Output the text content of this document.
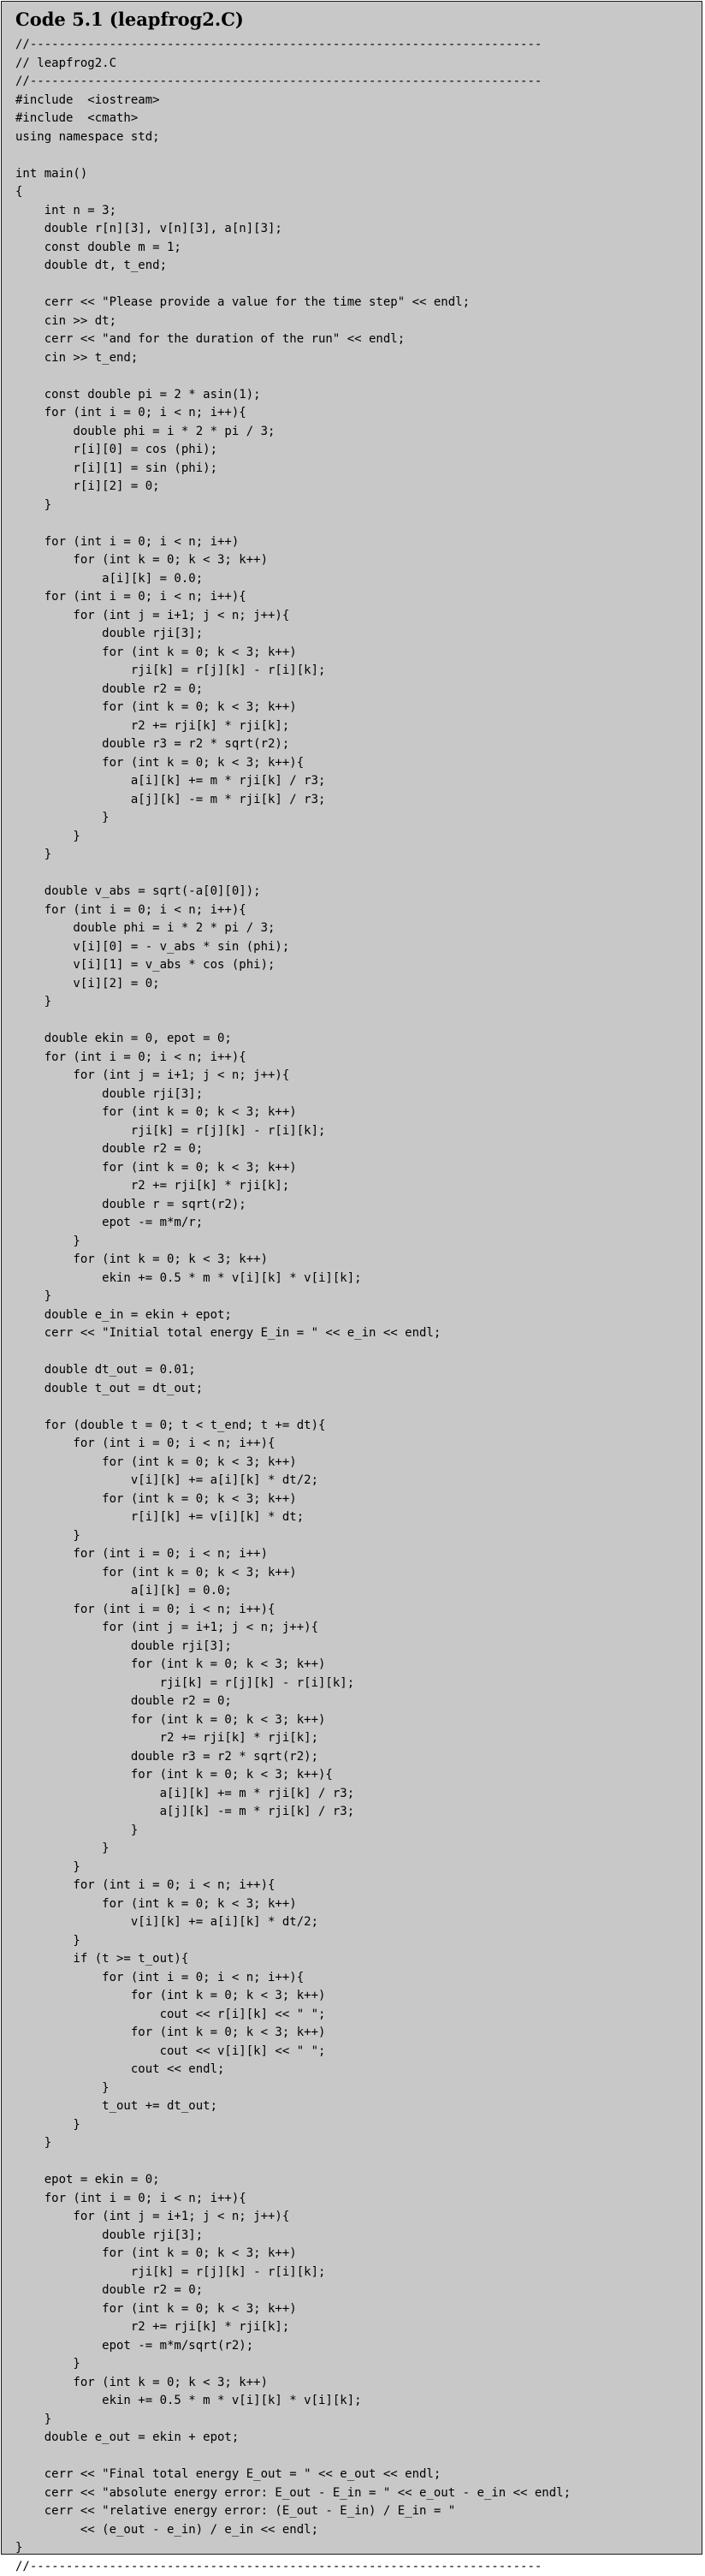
Code 5.1 (leapfrog2.C)
//-----------------------------------------------------------------------
// leapfrog2.C
//-----------------------------------------------------------------------
#include  <iostream>
#include  <cmath>
using namespace std;
int main()
{
int n = 3;
double r[n][3], v[n][3], a[n][3];
const double m = 1;
double dt, t_end;
cerr << "Please provide a value for the time step" << endl;
cin >> dt;
cerr << "and for the duration of the run" << endl;
cin >> t_end;
const double pi = 2 * asin(1);
for (int i = 0; i < n; i++){
double phi = i * 2 * pi / 3;
r[i][0] = cos (phi);
r[i][1] = sin (phi);
r[i][2] = 0;
}
for (int i = 0; i < n; i++)
for (int k = 0; k < 3; k++)
a[i][k] = 0.0;
for (int i = 0; i < n; i++){
for (int j = i+1; j < n; j++){
double rji[3];
for (int k = 0; k < 3; k++)
rji[k] = r[j][k] - r[i][k];
double r2 = 0;
for (int k = 0; k < 3; k++)
r2 += rji[k] * rji[k];
double r3 = r2 * sqrt(r2);
for (int k = 0; k < 3; k++){
a[i][k] += m * rji[k] / r3;
a[j][k] -= m * rji[k] / r3;
}
}
}
double v_abs = sqrt(-a[0][0]);
for (int i = 0; i < n; i++){
double phi = i * 2 * pi / 3;
v[i][0] = - v_abs * sin (phi);
v[i][1] = v_abs * cos (phi);
v[i][2] = 0;
}
double ekin = 0, epot = 0;
for (int i = 0; i < n; i++){
for (int j = i+1; j < n; j++){
double rji[3];
for (int k = 0; k < 3; k++)
rji[k] = r[j][k] - r[i][k];
double r2 = 0;
for (int k = 0; k < 3; k++)
r2 += rji[k] * rji[k];
double r = sqrt(r2);
epot -= m*m/r;
}
for (int k = 0; k < 3; k++)
ekin += 0.5 * m * v[i][k] * v[i][k];
}
double e_in = ekin + epot;
cerr << "Initial total energy E_in = " << e_in << endl;
double dt_out = 0.01;
double t_out = dt_out;
for (double t = 0; t < t_end; t += dt){
for (int i = 0; i < n; i++){
for (int k = 0; k < 3; k++)
v[i][k] += a[i][k] * dt/2;
for (int k = 0; k < 3; k++)
r[i][k] += v[i][k] * dt;
}
for (int i = 0; i < n; i++)
for (int k = 0; k < 3; k++)
a[i][k] = 0.0;
for (int i = 0; i < n; i++){
for (int j = i+1; j < n; j++){
double rji[3];
for (int k = 0; k < 3; k++)
rji[k] = r[j][k] - r[i][k];
double r2 = 0;
for (int k = 0; k < 3; k++)
r2 += rji[k] * rji[k];
double r3 = r2 * sqrt(r2);
for (int k = 0; k < 3; k++){
a[i][k] += m * rji[k] / r3;
a[j][k] -= m * rji[k] / r3;
}
}
}
for (int i = 0; i < n; i++){
for (int k = 0; k < 3; k++)
v[i][k] += a[i][k] * dt/2;
}
if (t >= t_out){
for (int i = 0; i < n; i++){
for (int k = 0; k < 3; k++)
cout << r[i][k] << " ";
for (int k = 0; k < 3; k++)
cout << v[i][k] << " ";
cout << endl;
}
t_out += dt_out;
}
}
epot = ekin = 0;
for (int i = 0; i < n; i++){
for (int j = i+1; j < n; j++){
double rji[3];
for (int k = 0; k < 3; k++)
rji[k] = r[j][k] - r[i][k];
double r2 = 0;
for (int k = 0; k < 3; k++)
r2 += rji[k] * rji[k];
epot -= m*m/sqrt(r2);
}
for (int k = 0; k < 3; k++)
ekin += 0.5 * m * v[i][k] * v[i][k];
}
double e_out = ekin + epot;
cerr << "Final total energy E_out = " << e_out << endl;
cerr << "absolute energy error: E_out - E_in = " << e_out - e_in << endl;
cerr << "relative energy error: (E_out - E_in) / E_in = "
<< (e_out - e_in) / e_in << endl;
}
//-----------------------------------------------------------------------
